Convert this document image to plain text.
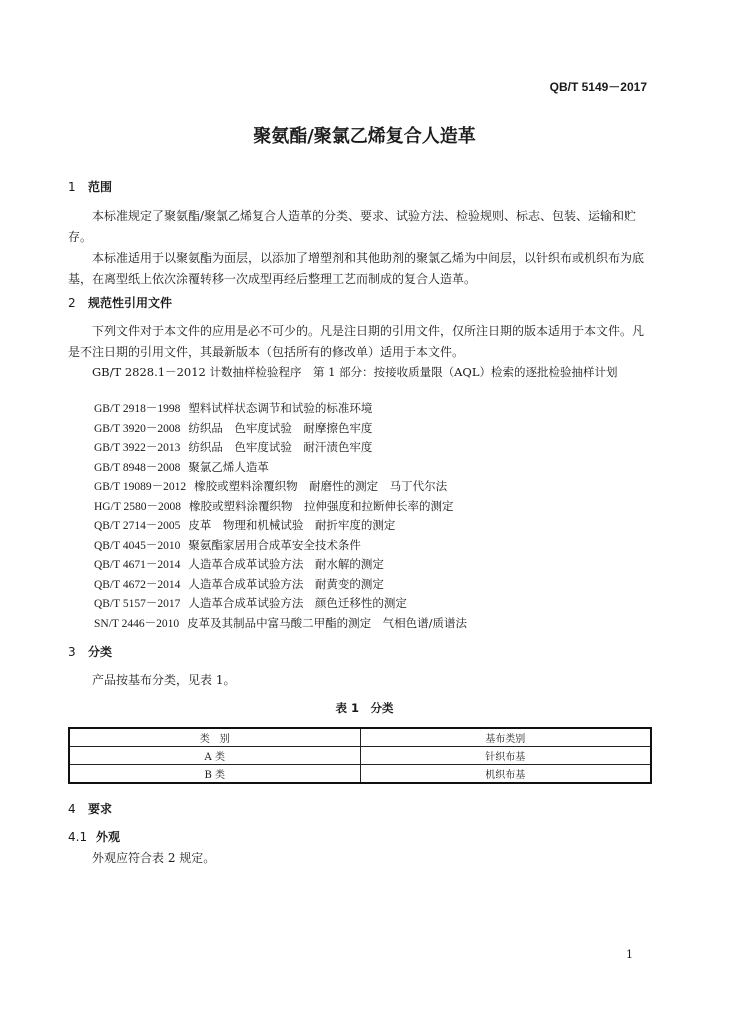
QB/T 5149－2017
聚氨酯/聚氯乙烯复合人造革
1 范围

本标准规定了聚氨酯/聚氯乙烯复合人造革的分类、要求、试验方法、检验规则、标志、包装、运输和贮存。

本标准适用于以聚氨酯为面层，以添加了增塑剂和其他助剂的聚氯乙烯为中间层，以针织布或机织布为底基，在离型纸上依次涂覆转移一次成型再经后整理工艺而制成的复合人造革。

2 规范性引用文件

下列文件对于本文件的应用是必不可少的。凡是注日期的引用文件，仅所注日期的版本适用于本文件。凡是不注日期的引用文件，其最新版本（包括所有的修改单）适用于本文件。

GB/T 2828.1－2012 计数抽样检验程序　第 1 部分：按接收质量限（AQL）检索的逐批检验抽样计划

GB/T 2918－1998 塑料试样状态调节和试验的标准环境
GB/T 3920－2008 纺织品　色牢度试验　耐摩擦色牢度
GB/T 3922－2013 纺织品　色牢度试验　耐汗渍色牢度
GB/T 8948－2008 聚氯乙烯人造革
GB/T 19089－2012 橡胶或塑料涂覆织物　耐磨性的测定　马丁代尔法
HG/T 2580－2008 橡胶或塑料涂覆织物　拉伸强度和拉断伸长率的测定
QB/T 2714－2005 皮革　物理和机械试验　耐折牢度的测定
QB/T 4045－2010 聚氨酯家居用合成革安全技术条件
QB/T 4671－2014 人造革合成革试验方法　耐水解的测定
QB/T 4672－2014 人造革合成革试验方法　耐黄变的测定
QB/T 5157－2017 人造革合成革试验方法　颜色迁移性的测定
SN/T 2446－2010 皮革及其制品中富马酸二甲酯的测定　气相色谱/质谱法
3 分类

产品按基布分类，见表 1。

表 1　分类
类　别	基布类别
A 类	针织布基
B 类	机织布基
4 要求
4.1 外观

外观应符合表 2 规定。

1
